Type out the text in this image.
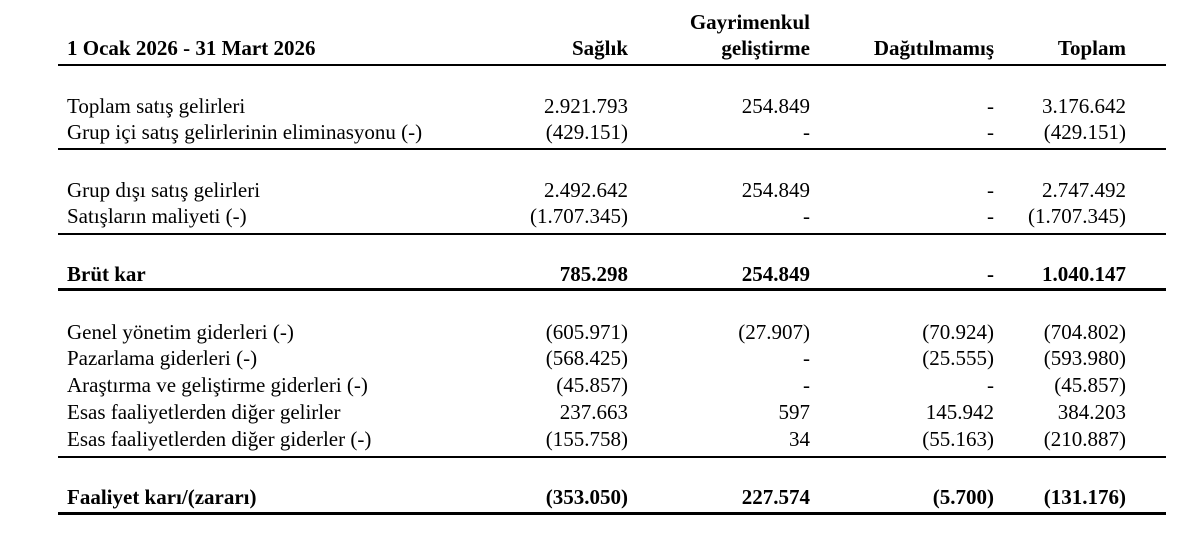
1 Ocak 2026 - 31 Mart 2026	Sağlık
Gayrimenkul
geliştirme	Dağıtılmamış	Toplam
Toplam satış gelirleri	2.921.793	254.849	- 3.176.642
Grup içi satış gelirlerinin eliminasyonu (-)	(429.151)	-	- (429.151)
Grup dışı satış gelirleri	2.492.642	254.849	- 2.747.492
Satışların maliyeti (-)	(1.707.345)	-	- (1.707.345)
Brüt kar	785.298	254.849	- 1.040.147
Genel yönetim giderleri (-)	(605.971)	(27.907)	(70.924) (704.802)
Pazarlama giderleri (-)	(568.425)	-	(25.555) (593.980)
Araştırma ve geliştirme giderleri (-)	(45.857)	-	-	(45.857)
Esas faaliyetlerden diğer gelirler	237.663	597	145.942	384.203
Esas faaliyetlerden diğer giderler (-)	(155.758)	34	(55.163) (210.887)
Faaliyet karı/(zararı)	(353.050)	227.574	(5.700) (131.176)
